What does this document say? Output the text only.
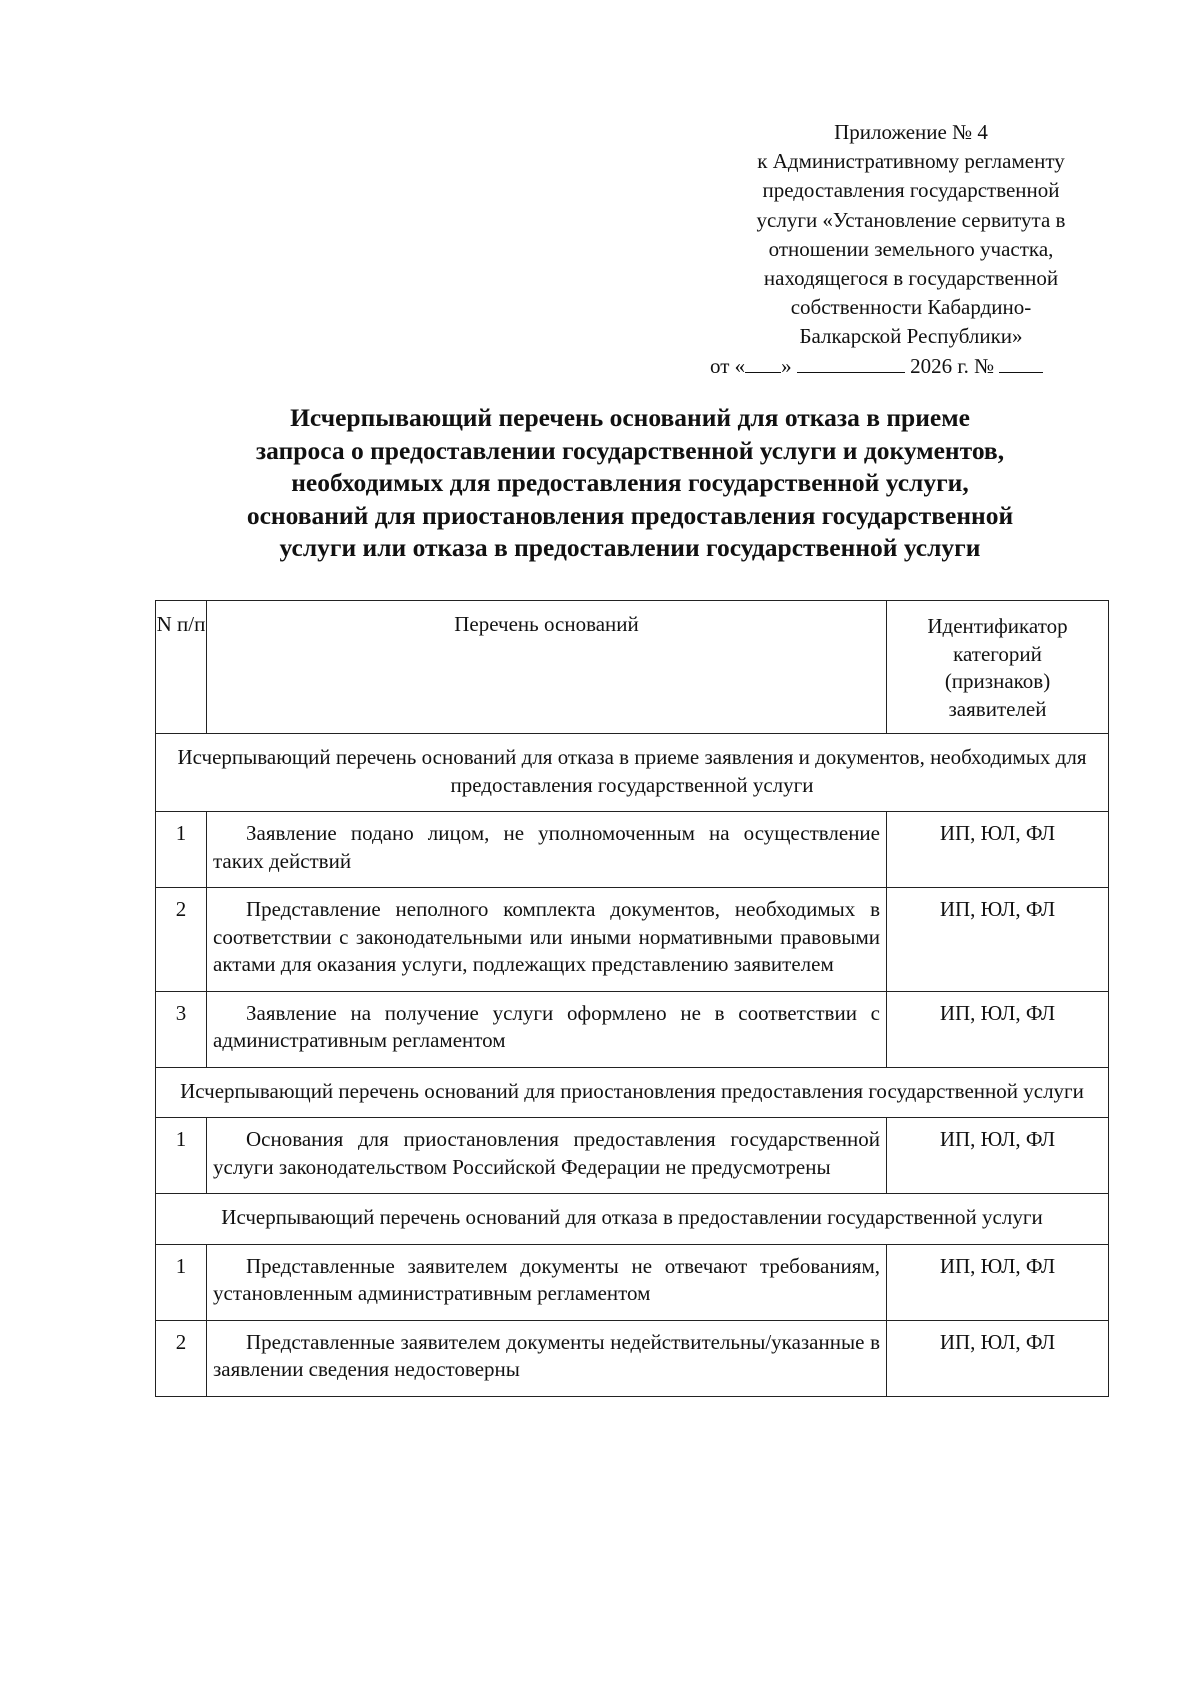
Приложение № 4
к Административному регламенту
предоставления государственной
услуги «Установление сервитута в
отношении земельного участка,
находящегося в государственной
собственности Кабардино-
Балкарской Республики»
от « »	2026 г. №
Исчерпывающий перечень оснований для отказа в приеме
запроса о предоставлении государственной услуги и документов,
необходимых для предоставления государственной услуги,
оснований для приостановления предоставления государственной
услуги или отказа в предоставлении государственной услуги
N п/п	Перечень оснований	Идентификатор
категорий
(признаков)
заявителей

Исчерпывающий перечень оснований для отказа в приеме заявления и документов, необходимых для предоставления государственной услуги		
1	Заявление подано лицом, не уполномоченным на осуществление таких действий	ИП, ЮЛ, ФЛ
2	Представление неполного комплекта документов, необходимых в соответствии с законодательными или иными нормативными правовыми актами для оказания услуги, подлежащих представлению заявителем	ИП, ЮЛ, ФЛ
3	Заявление на получение услуги оформлено не в соответствии с административным регламентом	ИП, ЮЛ, ФЛ
Исчерпывающий перечень оснований для приостановления предоставления государственной услуги		
1	Основания для приостановления предоставления государственной услуги законодательством Российской Федерации не предусмотрены	ИП, ЮЛ, ФЛ
Исчерпывающий перечень оснований для отказа в предоставлении государственной услуги		
1	Представленные заявителем документы не отвечают требованиям, установленным административным регламентом	ИП, ЮЛ, ФЛ
2	Представленные заявителем документы недействительны/указанные в заявлении сведения недостоверны	ИП, ЮЛ, ФЛ
